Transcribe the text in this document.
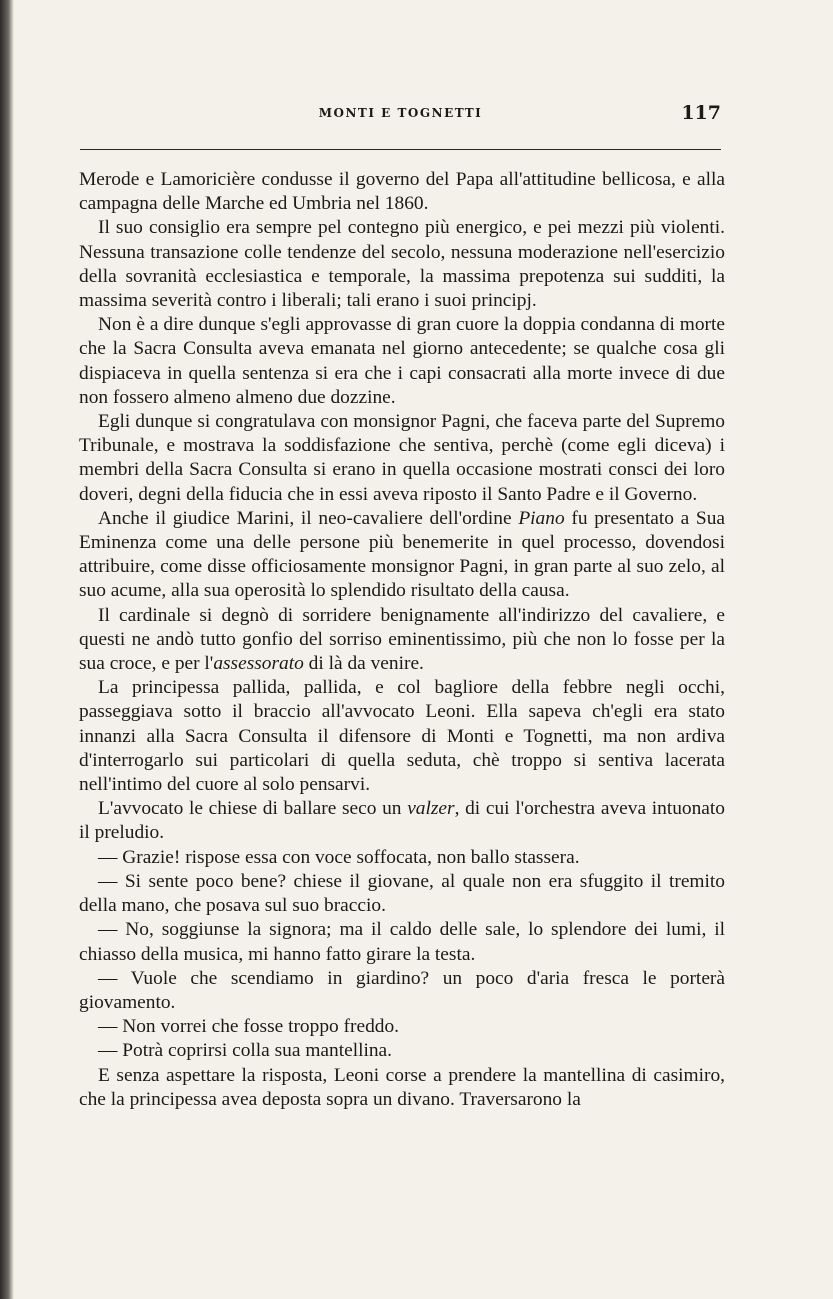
MONTI E TOGNETTI	117

Merode e Lamoricière condusse il governo del Papa all'attitudine bellicosa, e alla campagna delle Marche ed Umbria nel 1860.

Il suo consiglio era sempre pel contegno più energico, e pei mezzi più violenti. Nessuna transazione colle tendenze del secolo, nessuna moderazione nell'esercizio della sovranità ecclesiastica e temporale, la massima prepotenza sui sudditi, la massima severità contro i liberali; tali erano i suoi principj.

Non è a dire dunque s'egli approvasse di gran cuore la doppia condanna di morte che la Sacra Consulta aveva emanata nel giorno antecedente; se qualche cosa gli dispiaceva in quella sentenza si era che i capi consacrati alla morte invece di due non fossero almeno almeno due dozzine.

Egli dunque si congratulava con monsignor Pagni, che faceva parte del Supremo Tribunale, e mostrava la soddisfazione che sentiva, perchè (come egli diceva) i membri della Sacra Consulta si erano in quella occasione mostrati consci dei loro doveri, degni della fiducia che in essi aveva riposto il Santo Padre e il Governo.

Anche il giudice Marini, il neo-cavaliere dell'ordine Piano fu presentato a Sua Eminenza come una delle persone più benemerite in quel processo, dovendosi attribuire, come disse officiosamente monsignor Pagni, in gran parte al suo zelo, al suo acume, alla sua operosità lo splendido risultato della causa.

Il cardinale si degnò di sorridere benignamente all'indirizzo del cavaliere, e questi ne andò tutto gonfio del sorriso eminentissimo, più che non lo fosse per la sua croce, e per l'assessorato di là da venire.

La principessa pallida, pallida, e col bagliore della febbre negli occhi, passeggiava sotto il braccio all'avvocato Leoni. Ella sapeva ch'egli era stato innanzi alla Sacra Consulta il difensore di Monti e Tognetti, ma non ardiva d'interrogarlo sui particolari di quella seduta, chè troppo si sentiva lacerata nell'intimo del cuore al solo pensarvi.

L'avvocato le chiese di ballare seco un valzer, di cui l'orchestra aveva intuonato il preludio.

— Grazie! rispose essa con voce soffocata, non ballo stassera.

— Si sente poco bene? chiese il giovane, al quale non era sfuggito il tremito della mano, che posava sul suo braccio.

— No, soggiunse la signora; ma il caldo delle sale, lo splendore dei lumi, il chiasso della musica, mi hanno fatto girare la testa.

— Vuole che scendiamo in giardino? un poco d'aria fresca le porterà giovamento.

— Non vorrei che fosse troppo freddo.

— Potrà coprirsi colla sua mantellina.

E senza aspettare la risposta, Leoni corse a prendere la mantellina di casimiro, che la principessa avea deposta sopra un divano. Traversarono la
